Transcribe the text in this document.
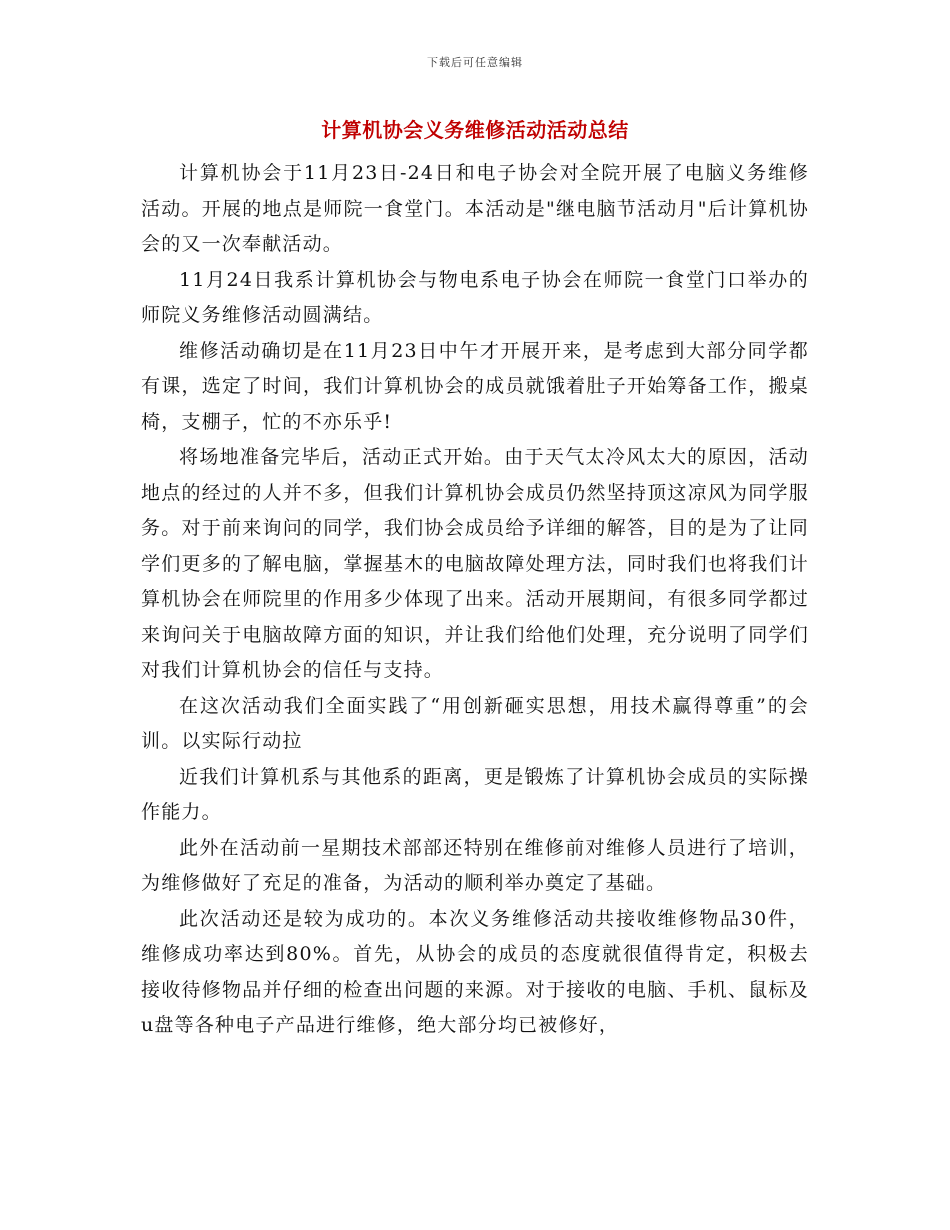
下载后可任意编辑
计算机协会义务维修活动活动总结

计算机协会于11月23日-24日和电子协会对全院开展了电脑义务维修活动。开展的地点是师院一食堂门。本活动是"继电脑节活动月"后计算机协会的又一次奉献活动。

11月24日我系计算机协会与物电系电子协会在师院一食堂门口举办的师院义务维修活动圆满结。

维修活动确切是在11月23日中午才开展开来，是考虑到大部分同学都有课，选定了时间，我们计算机协会的成员就饿着肚子开始筹备工作，搬桌椅，支棚子，忙的不亦乐乎!

将场地准备完毕后，活动正式开始。由于天气太冷风太大的原因，活动地点的经过的人并不多，但我们计算机协会成员仍然坚持顶这凉风为同学服务。对于前来询问的同学，我们协会成员给予详细的解答，目的是为了让同学们更多的了解电脑，掌握基木的电脑故障处理方法，同时我们也将我们计算机协会在师院里的作用多少体现了出来。活动开展期间，有很多同学都过来询问关于电脑故障方面的知识，并让我们给他们处理，充分说明了同学们对我们计算机协会的信任与支持。

在这次活动我们全面实践了“用创新砸实思想，用技术赢得尊重”的会训。以实际行动拉

近我们计算机系与其他系的距离，更是锻炼了计算机协会成员的实际操作能力。

此外在活动前一星期技术部部还特别在维修前对维修人员进行了培训，为维修做好了充足的准备，为活动的顺利举办奠定了基础。

此次活动还是较为成功的。本次义务维修活动共接收维修物品30件，维修成功率达到80%。首先，从协会的成员的态度就很值得肯定，积极去接收待修物品并仔细的检查出问题的来源。对于接收的电脑、手机、鼠标及u盘等各种电子产品进行维修，绝大部分均已被修好，
